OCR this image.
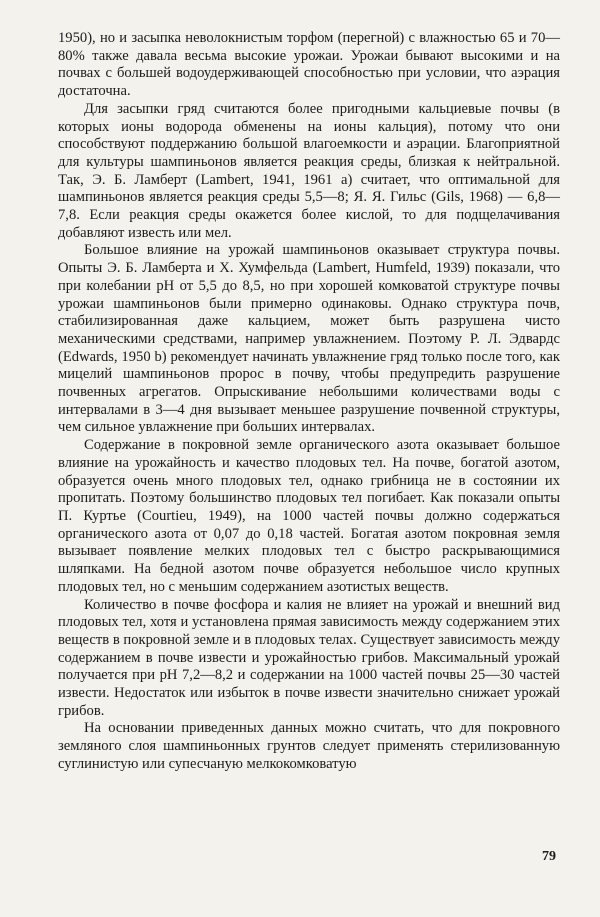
1950), но и засыпка неволокнистым торфом (перегной) с влажностью 65 и 70—80% также давала весьма высокие урожаи. Урожаи бывают высокими и на почвах с большей водоудерживающей способностью при условии, что аэрация достаточна.

Для засыпки гряд считаются более пригодными кальциевые почвы (в которых ионы водорода обменены на ионы кальция), потому что они способствуют поддержанию большой влагоемкости и аэрации. Благоприятной для культуры шампиньонов является реакция среды, близкая к нейтральной. Так, Э. Б. Ламберт (Lambert, 1941, 1961 а) считает, что оптимальной для шампиньонов является реакция среды 5,5—8; Я. Я. Гильс (Gils, 1968) — 6,8—7,8. Если реакция среды окажется более кислой, то для подщелачивания добавляют известь или мел.

Большое влияние на урожай шампиньонов оказывает структура почвы. Опыты Э. Б. Ламберта и Х. Хумфельда (Lambert, Humfeld, 1939) показали, что при колебании рН от 5,5 до 8,5, но при хорошей комковатой структуре почвы урожаи шампиньонов были примерно одинаковы. Однако структура почв, стабилизированная даже кальцием, может быть разрушена чисто механическими средствами, например увлажнением. Поэтому Р. Л. Эдвардс (Edwards, 1950 b) рекомендует начинать увлажнение гряд только после того, как мицелий шампиньонов пророс в почву, чтобы предупредить разрушение почвенных агрегатов. Опрыскивание небольшими количествами воды с интервалами в 3—4 дня вызывает меньшее разрушение почвенной структуры, чем сильное увлажнение при больших интервалах.

Содержание в покровной земле органического азота оказывает большое влияние на урожайность и качество плодовых тел. На почве, богатой азотом, образуется очень много плодовых тел, однако грибница не в состоянии их пропитать. Поэтому большинство плодовых тел погибает. Как показали опыты П. Куртье (Courtieu, 1949), на 1000 частей почвы должно содержаться органического азота от 0,07 до 0,18 частей. Богатая азотом покровная земля вызывает появление мелких плодовых тел с быстро раскрывающимися шляпками. На бедной азотом почве образуется небольшое число крупных плодовых тел, но с меньшим содержанием азотистых веществ.

Количество в почве фосфора и калия не влияет на урожай и внешний вид плодовых тел, хотя и установлена прямая зависимость между содержанием этих веществ в покровной земле и в плодовых телах. Существует зависимость между содержанием в почве извести и урожайностью грибов. Максимальный урожай получается при рН 7,2—8,2 и содержании на 1000 частей почвы 25—30 частей извести. Недостаток или избыток в почве извести значительно снижает урожай грибов.

На основании приведенных данных можно считать, что для покровного земляного слоя шампиньонных грунтов следует применять стерилизованную суглинистую или супесчаную мелкокомковатую

79
